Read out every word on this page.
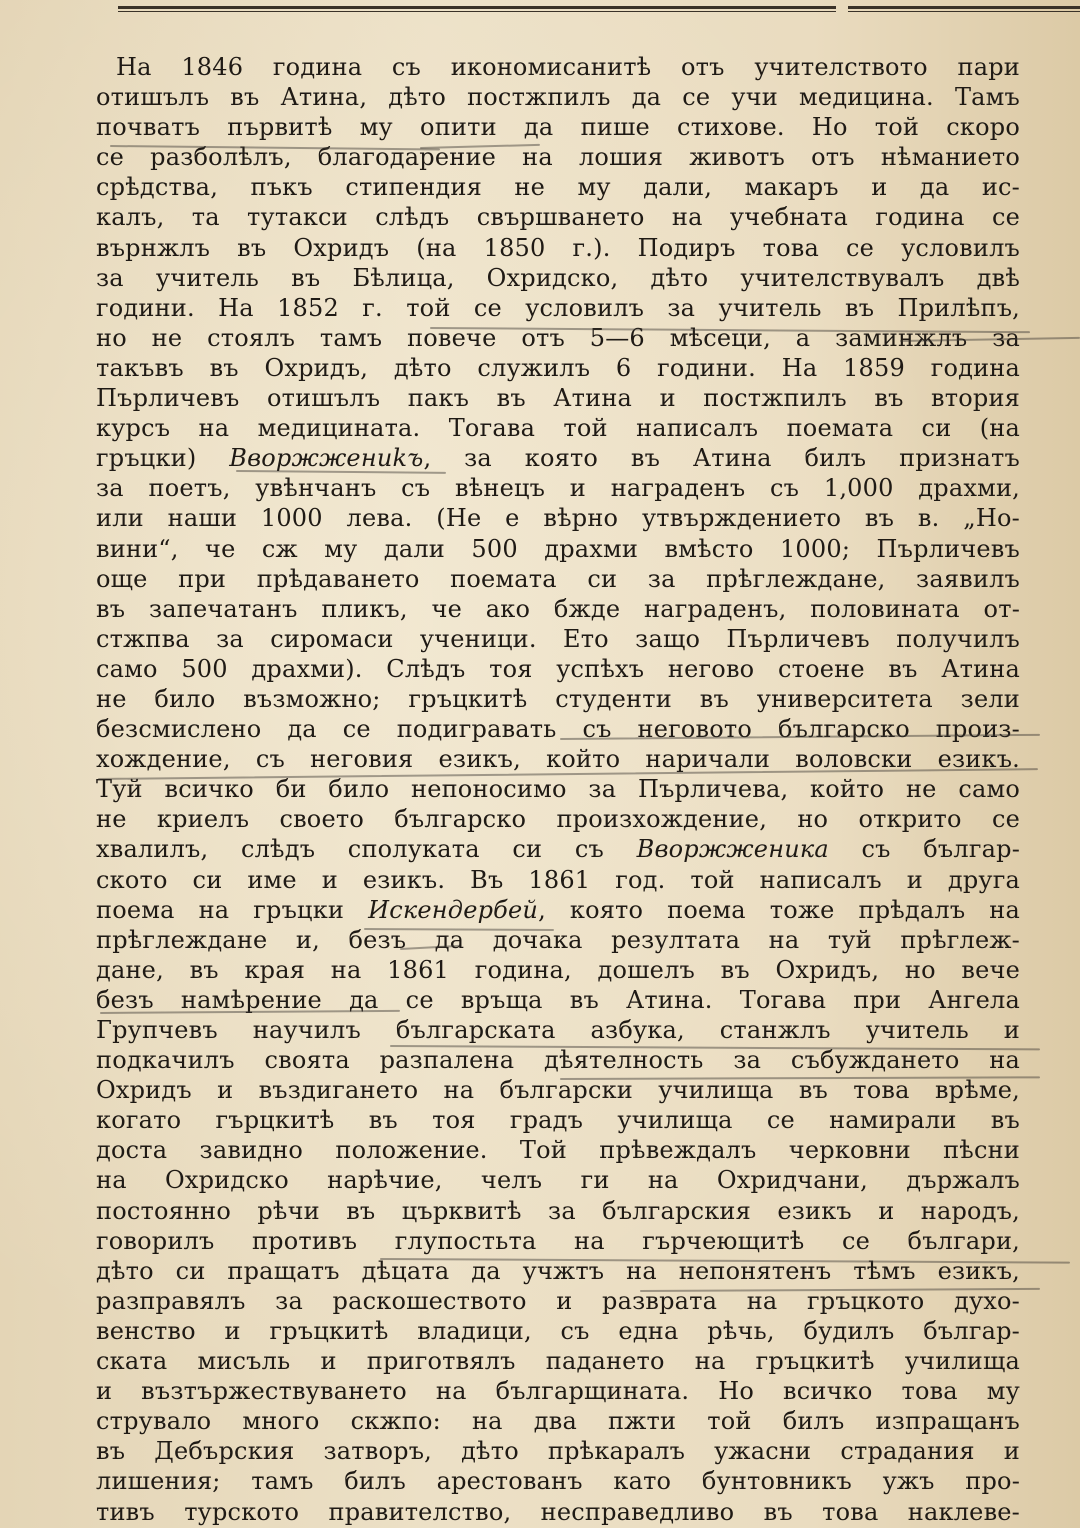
На 1846 година съ икономисанитѣ отъ учителството пари
отишълъ въ Атина, дѣто постжпилъ да се учи медицина. Тамъ
почватъ първитѣ му опити да пише стихове. Но той скоро
се разболѣлъ, благодарение на лошия животъ отъ нѣманието
срѣдства, пъкъ стипендия не му дали, макаръ и да ис-
калъ, та тутакси слѣдъ свършването на учебната година се
върнжлъ въ Охридъ (на 1850 г.). Подиръ това се условилъ
за учитель въ Бѣлица, Охридско, дѣто учителствувалъ двѣ
години. На 1852 г. той се условилъ за учитель въ Прилѣпъ,
но не стоялъ тамъ повече отъ 5—6 мѣсеци, а заминжлъ за
такъвъ въ Охридъ, дѣто служилъ 6 години. На 1859 година
Пърличевъ отишълъ пакъ въ Атина и постжпилъ въ втория
курсъ на медицината. Тогава той написалъ поемата си (на
гръцки) Ввоpжжениkъ, за която въ Атина билъ признатъ
за поетъ, увѣнчанъ съ вѣнецъ и награденъ съ 1,000 драхми,
или наши 1000 лева. (Не е вѣрно утвърждението въ в. „Но-
вини“, че сж му дали 500 драхми вмѣсто 1000; Пърличевъ
още при прѣдаването поемата си за прѣглеждане, заявилъ
въ запечатанъ пликъ, че ако бжде награденъ, половината от-
стжпва за сиромаси ученици. Ето защо Пърличевъ получилъ
само 500 драхми). Слѣдъ тоя успѣхъ негово стоене въ Атина
не било възможно; гръцкитѣ студенти въ университета зели
безсмислено да се подигравать съ неговото българско произ-
хождение, съ неговия езикъ, който наричали воловски езикъ.
Туй всичко би било непоносимо за Пърличева, който не само
не криелъ своето българско произхождение, но открито се
хвалилъ, слѣдъ сполуката си съ Ввоpжженика съ българ-
ското си име и езикъ. Въ 1861 год. той написалъ и друга
поема на гръцки Искендербей, която поема тоже прѣдалъ на
прѣглеждане и, безъ да дочака резултата на туй прѣглеж-
дане, въ края на 1861 година, дошелъ въ Охридъ, но вече
безъ намѣрение да се връща въ Атина. Тогава при Ангела
Групчевъ научилъ българската азбука, станжлъ учитель и
подкачилъ своята разпалена дѣятелность за събуждането на
Охридъ и въздигането на български училища въ това врѣме,
когато гърцкитѣ въ тоя градъ училища се намирали въ
доста завидно положение. Той прѣвеждалъ черковни пѣсни
на Охридско нарѣчие, челъ ги на Охридчани, държалъ
постоянно рѣчи въ църквитѣ за българския езикъ и народъ,
говорилъ противъ глупостьта на гърчеющитѣ се българи,
дѣто си пращатъ дѣцата да учжтъ на непонятенъ тѣмъ езикъ,
разправялъ за раскошеството и разврата на гръцкото духо-
венство и гръцкитѣ владици, съ една рѣчь, будилъ българ-
ската мисъль и приготвялъ падането на гръцкитѣ училища
и възтържествуването на българщината. Но всичко това му
струвало много скжпо: на два пжти той билъ изпращанъ
въ Дебърския затворъ, дѣто прѣкаралъ ужасни страдания и
лишения; тамъ билъ арестованъ като бунтовникъ ужъ про-
тивъ турското правителство, несправедливо въ това наклеве-
